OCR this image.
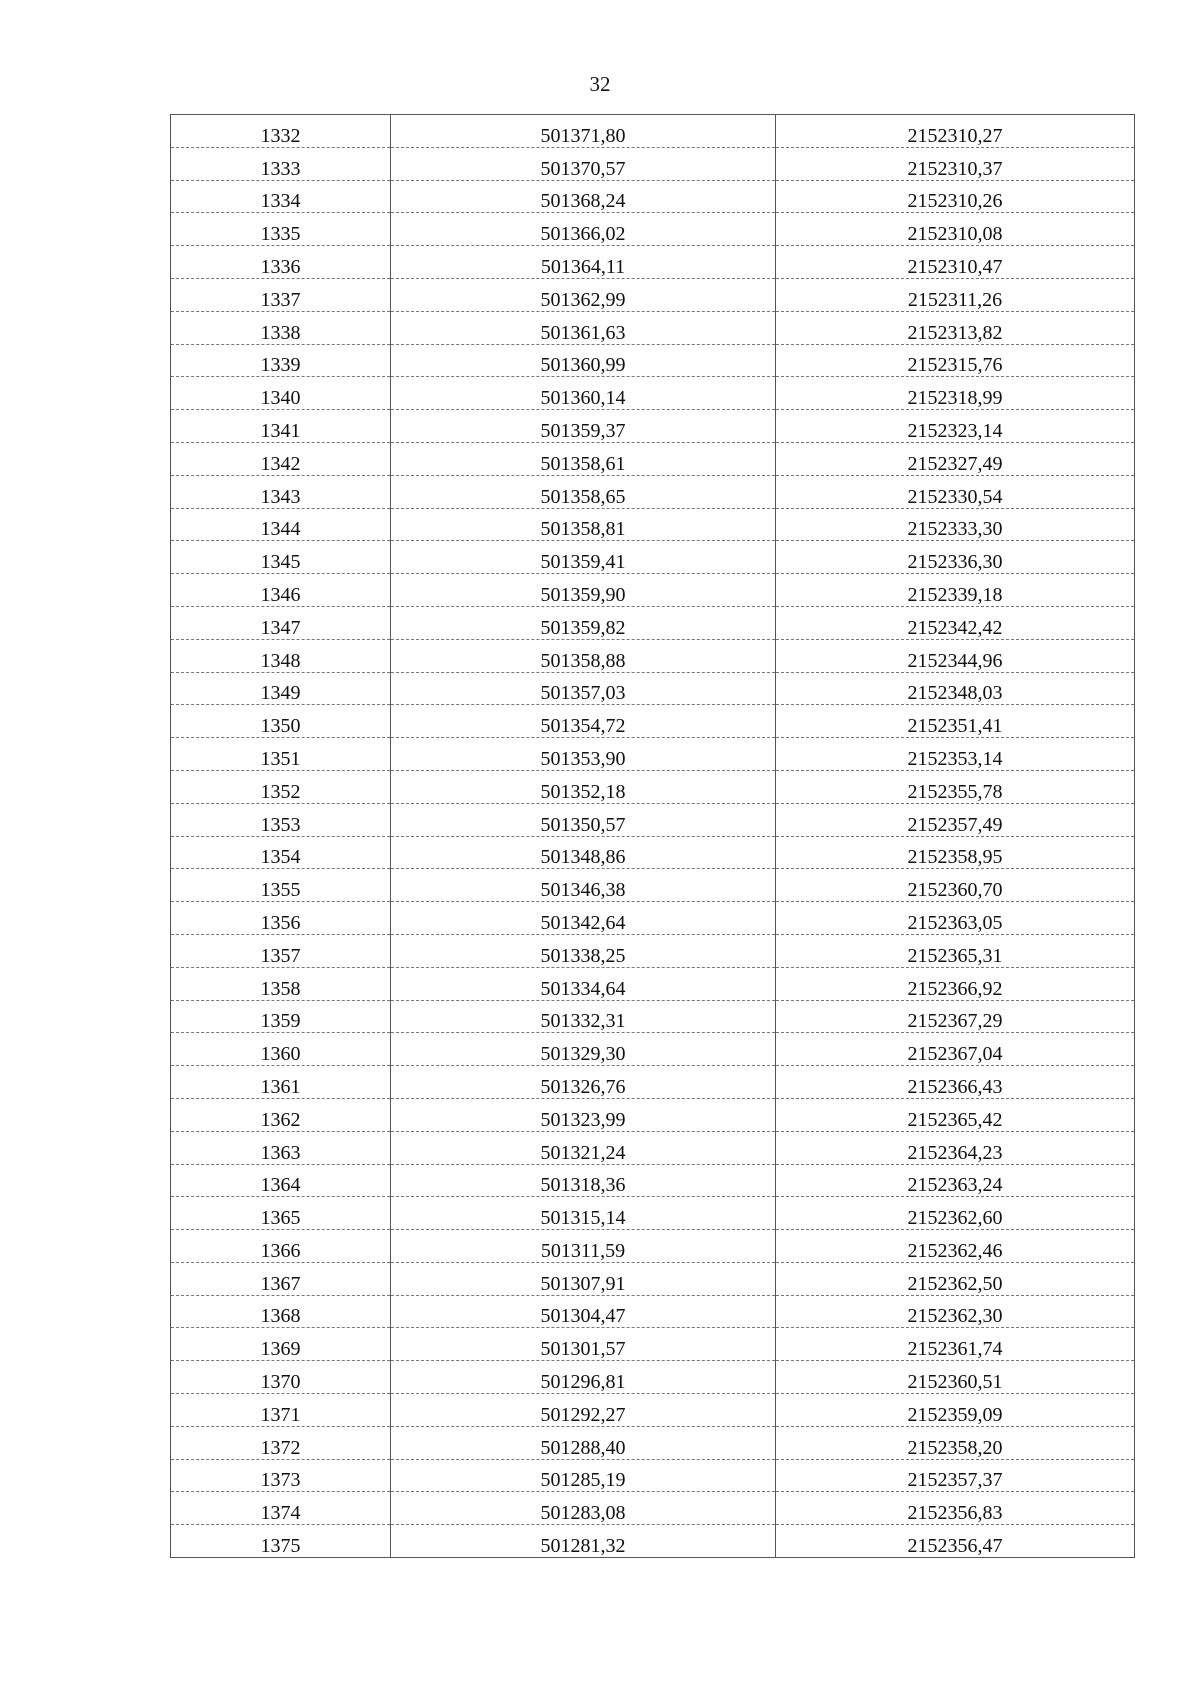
32
1332	501371,80	2152310,27
1333	501370,57	2152310,37
1334	501368,24	2152310,26
1335	501366,02	2152310,08
1336	501364,11	2152310,47
1337	501362,99	2152311,26
1338	501361,63	2152313,82
1339	501360,99	2152315,76
1340	501360,14	2152318,99
1341	501359,37	2152323,14
1342	501358,61	2152327,49
1343	501358,65	2152330,54
1344	501358,81	2152333,30
1345	501359,41	2152336,30
1346	501359,90	2152339,18
1347	501359,82	2152342,42
1348	501358,88	2152344,96
1349	501357,03	2152348,03
1350	501354,72	2152351,41
1351	501353,90	2152353,14
1352	501352,18	2152355,78
1353	501350,57	2152357,49
1354	501348,86	2152358,95
1355	501346,38	2152360,70
1356	501342,64	2152363,05
1357	501338,25	2152365,31
1358	501334,64	2152366,92
1359	501332,31	2152367,29
1360	501329,30	2152367,04
1361	501326,76	2152366,43
1362	501323,99	2152365,42
1363	501321,24	2152364,23
1364	501318,36	2152363,24
1365	501315,14	2152362,60
1366	501311,59	2152362,46
1367	501307,91	2152362,50
1368	501304,47	2152362,30
1369	501301,57	2152361,74
1370	501296,81	2152360,51
1371	501292,27	2152359,09
1372	501288,40	2152358,20
1373	501285,19	2152357,37
1374	501283,08	2152356,83
1375	501281,32	2152356,47
